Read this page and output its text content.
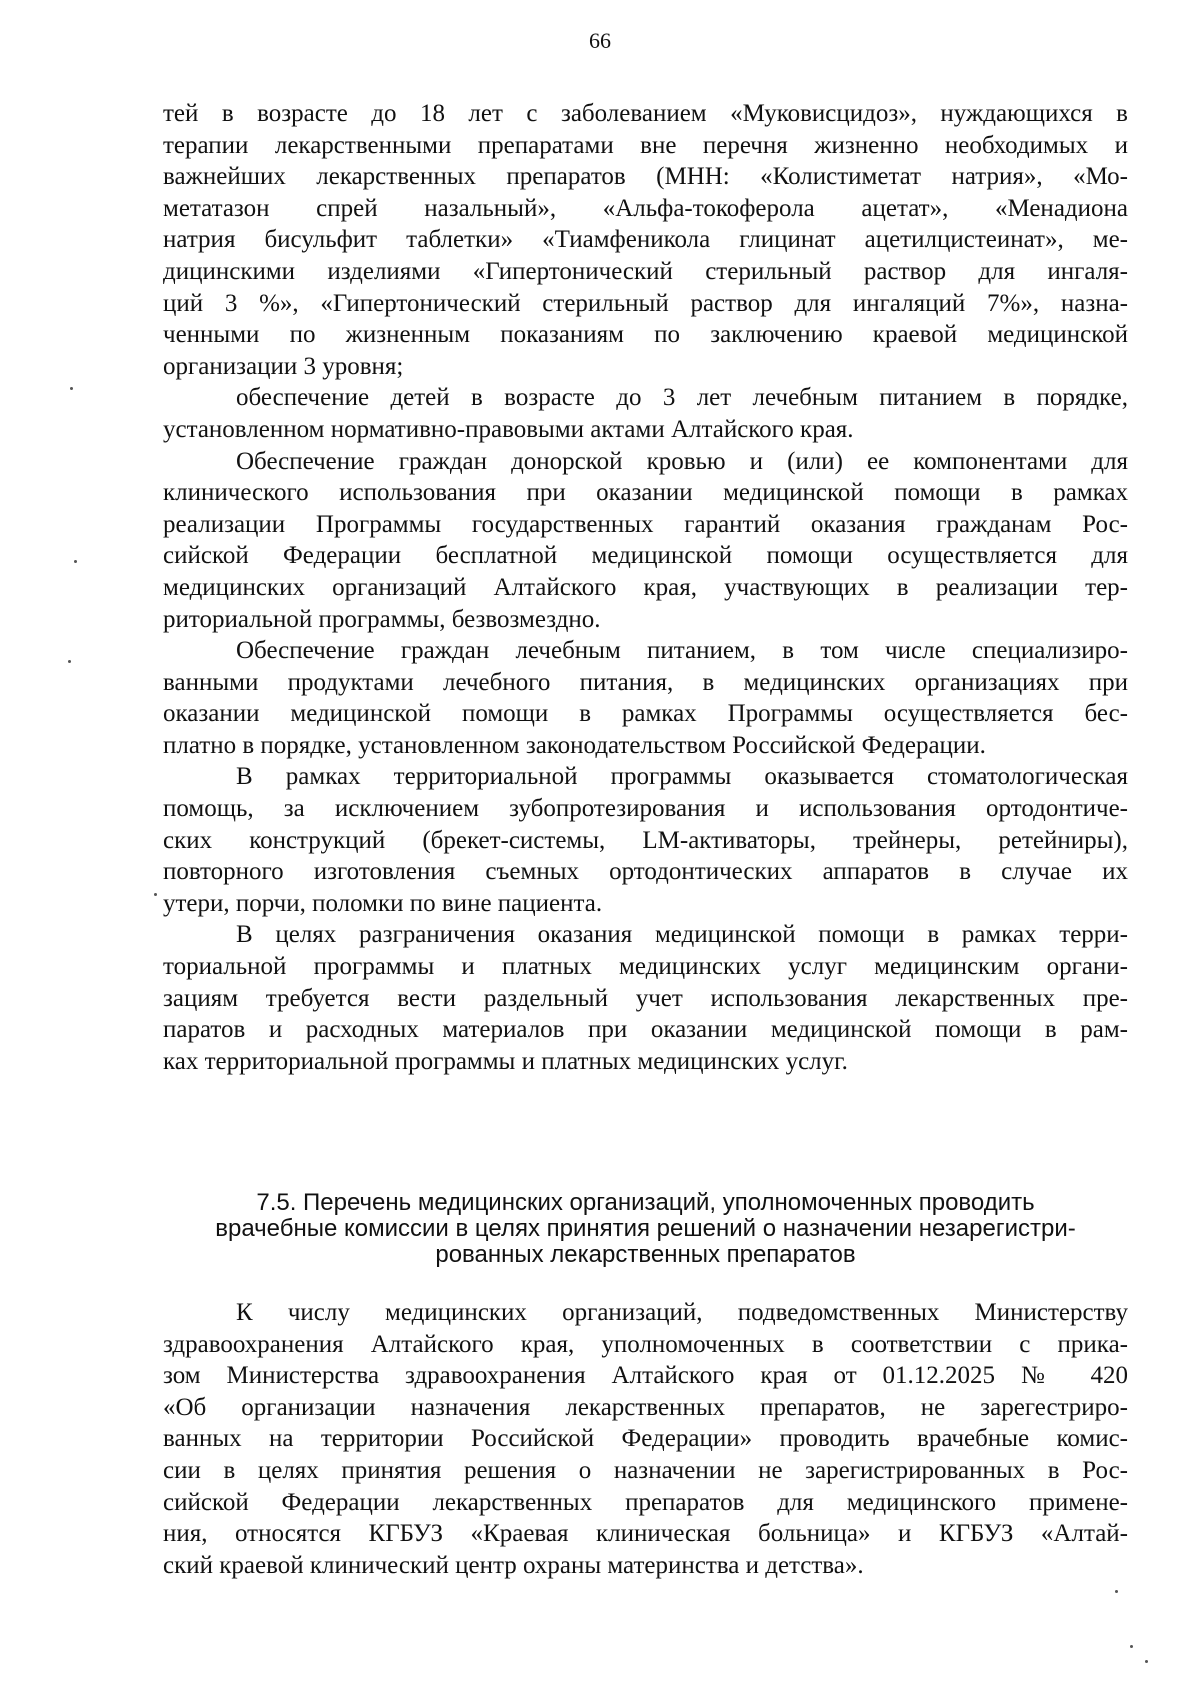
66
тей в возрасте до 18 лет с заболеванием «Муковисцидоз», нуждающихся в
терапии лекарственными препаратами вне перечня жизненно необходимых и
важнейших лекарственных препаратов (МНН: «Колистиметат натрия», «Мо-
метатазон спрей назальный», «Альфа-токоферола ацетат», «Менадиона
натрия бисульфит таблетки» «Тиамфеникола глицинат ацетилцистеинат», ме-
дицинскими изделиями «Гипертонический стерильный раствор для ингаля-
ций 3 %», «Гипертонический стерильный раствор для ингаляций 7%», назна-
ченными по жизненным показаниям по заключению краевой медицинской
организации 3 уровня;
обеспечение детей в возрасте до 3 лет лечебным питанием в порядке,
установленном нормативно-правовыми актами Алтайского края.
Обеспечение граждан донорской кровью и (или) ее компонентами для
клинического использования при оказании медицинской помощи в рамках
реализации Программы государственных гарантий оказания гражданам Рос-
сийской Федерации бесплатной медицинской помощи осуществляется для
медицинских организаций Алтайского края, участвующих в реализации тер-
риториальной программы, безвозмездно.
Обеспечение граждан лечебным питанием, в том числе специализиро-
ванными продуктами лечебного питания, в медицинских организациях при
оказании медицинской помощи в рамках Программы осуществляется бес-
платно в порядке, установленном законодательством Российской Федерации.
В рамках территориальной программы оказывается стоматологическая
помощь, за исключением зубопротезирования и использования ортодонтиче-
ских конструкций (брекет-системы, LM-активаторы, трейнеры, ретейниры),
повторного изготовления съемных ортодонтических аппаратов в случае их
утери, порчи, поломки по вине пациента.
В целях разграничения оказания медицинской помощи в рамках терри-
ториальной программы и платных медицинских услуг медицинским органи-
зациям требуется вести раздельный учет использования лекарственных пре-
паратов и расходных материалов при оказании медицинской помощи в рам-
ках территориальной программы и платных медицинских услуг.
7.5. Перечень медицинских организаций, уполномоченных проводить
врачебные комиссии в целях принятия решений о назначении незарегистри-
рованных лекарственных препаратов
К числу медицинских организаций, подведомственных Министерству
здравоохранения Алтайского края, уполномоченных в соответствии с прика-
зом Министерства здравоохранения Алтайского края от 01.12.2025 № 420
«Об организации назначения лекарственных препаратов, не зарегестриро-
ванных на территории Российской Федерации» проводить врачебные комис-
сии в целях принятия решения о назначении не зарегистрированных в Рос-
сийской Федерации лекарственных препаратов для медицинского примене-
ния, относятся КГБУЗ «Краевая клиническая больница» и КГБУЗ «Алтай-
ский краевой клинический центр охраны материнства и детства».
